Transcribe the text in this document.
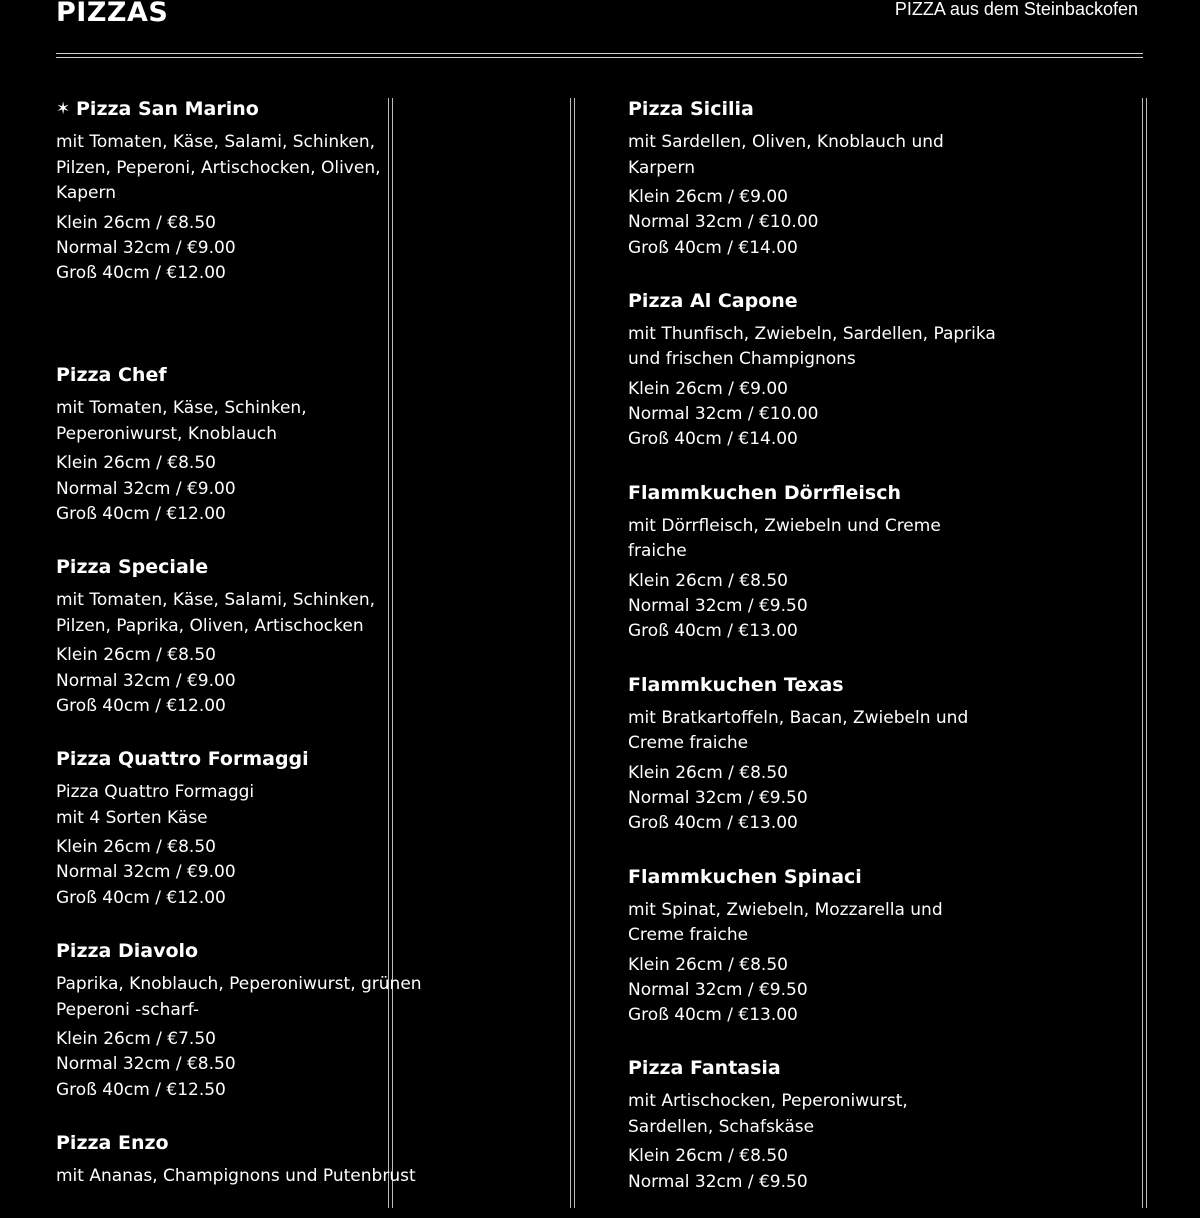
PIZZAS	PIZZA aus dem Steinbackofen
✶ Pizza San Marino
mit Tomaten, Käse, Salami, Schinken,
Pilzen, Peperoni, Artischocken, Oliven,
Kapern
Klein 26cm / €8.50
Normal 32cm / €9.00
Groß 40cm / €12.00
Pizza Chef
mit Tomaten, Käse, Schinken,
Peperoniwurst, Knoblauch
Klein 26cm / €8.50
Normal 32cm / €9.00
Groß 40cm / €12.00
Pizza Speciale
mit Tomaten, Käse, Salami, Schinken,
Pilzen, Paprika, Oliven, Artischocken
Klein 26cm / €8.50
Normal 32cm / €9.00
Groß 40cm / €12.00
Pizza Quattro Formaggi
Pizza Quattro Formaggi
mit 4 Sorten Käse
Klein 26cm / €8.50
Normal 32cm / €9.00
Groß 40cm / €12.00
Pizza Diavolo
Paprika, Knoblauch, Peperoniwurst, grünen
Peperoni -scharf-
Klein 26cm / €7.50
Normal 32cm / €8.50
Groß 40cm / €12.50
Pizza Enzo
mit Ananas, Champignons und Putenbrust
Pizza Sicilia
mit Sardellen, Oliven, Knoblauch und
Karpern
Klein 26cm / €9.00
Normal 32cm / €10.00
Groß 40cm / €14.00
Pizza Al Capone
mit Thunfisch, Zwiebeln, Sardellen, Paprika
und frischen Champignons
Klein 26cm / €9.00
Normal 32cm / €10.00
Groß 40cm / €14.00
Flammkuchen Dörrfleisch
mit Dörrfleisch, Zwiebeln und Creme
fraiche
Klein 26cm / €8.50
Normal 32cm / €9.50
Groß 40cm / €13.00
Flammkuchen Texas
mit Bratkartoffeln, Bacan, Zwiebeln und
Creme fraiche
Klein 26cm / €8.50
Normal 32cm / €9.50
Groß 40cm / €13.00
Flammkuchen Spinaci
mit Spinat, Zwiebeln, Mozzarella und
Creme fraiche
Klein 26cm / €8.50
Normal 32cm / €9.50
Groß 40cm / €13.00
Pizza Fantasia
mit Artischocken, Peperoniwurst,
Sardellen, Schafskäse
Klein 26cm / €8.50
Normal 32cm / €9.50
